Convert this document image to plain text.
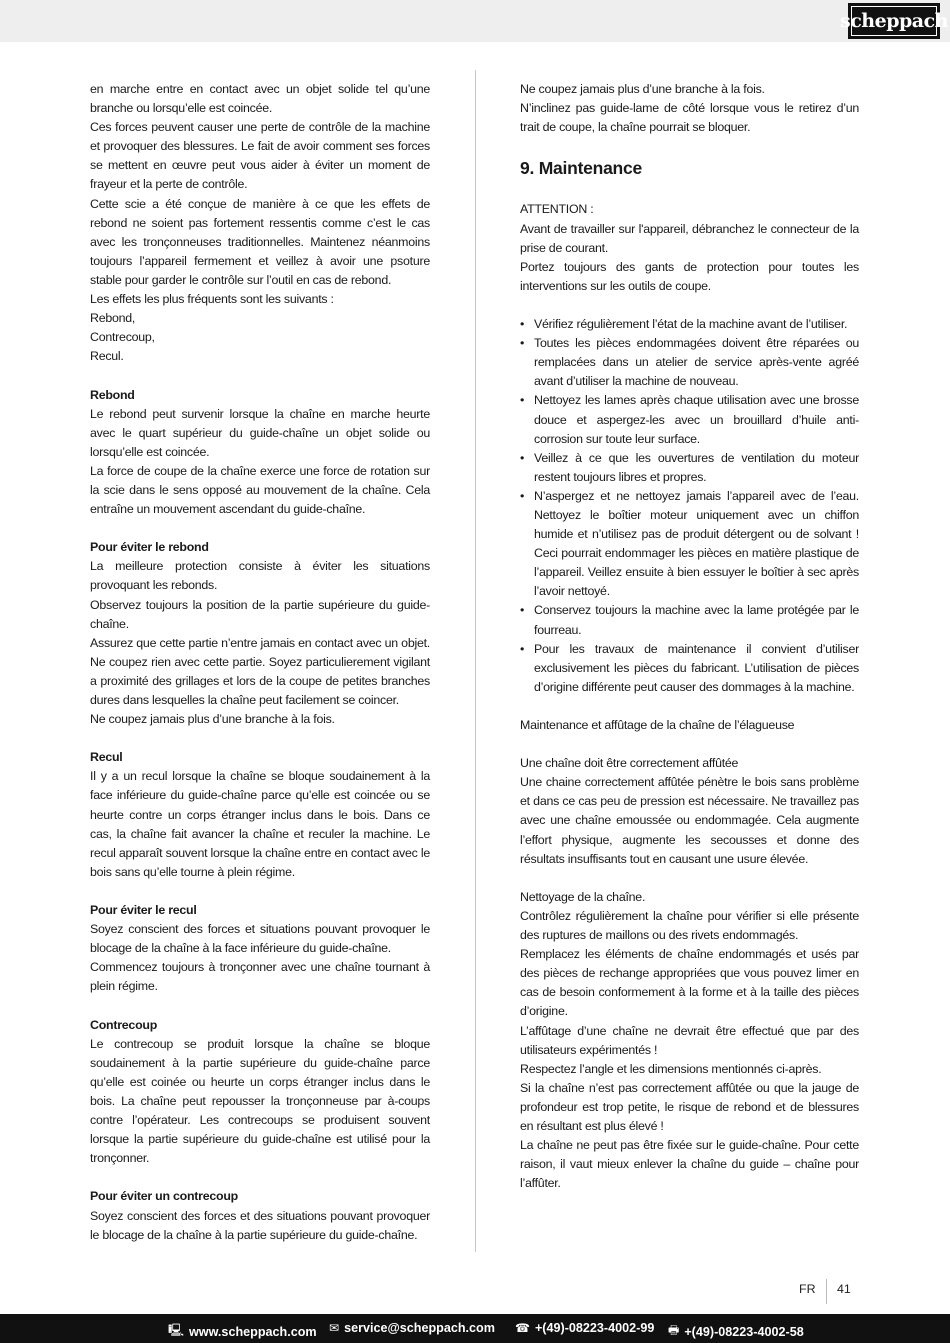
scheppach

en marche entre en contact avec un objet solide tel qu’une branche ou lorsqu’elle est coincée.

Ces forces peuvent causer une perte de contrôle de la machine et provoquer des blessures. Le fait de avoir comment ses forces se mettent en œuvre peut vous aider à éviter un moment de frayeur et la perte de contrôle.

Cette scie a été conçue de manière à ce que les effets de rebond ne soient pas fortement ressentis comme c’est le cas avec les tronçonneuses traditionnelles. Maintenez néanmoins toujours l’appareil fermement et veillez à avoir une psoture stable pour garder le contrôle sur l’outil en cas de rebond.

Les effets les plus fréquents sont les suivants :

Rebond,

Contrecoup,

Recul.

Rebond

Le rebond peut survenir lorsque la chaîne en marche heurte avec le quart supérieur du guide-chaîne un objet solide ou lorsqu’elle est coincée.

La force de coupe de la chaîne exerce une force de rotation sur la scie dans le sens opposé au mouvement de la chaîne. Cela entraîne un mouvement ascendant du guide-chaîne.

Pour éviter le rebond

La meilleure protection consiste à éviter les situations provoquant les rebonds.

Observez toujours la position de la partie supérieure du guide-chaîne.

Assurez que cette partie n’entre jamais en contact avec un objet. Ne coupez rien avec cette partie. Soyez particulierement vigilant a proximité des grillages et lors de la coupe de petites branches dures dans lesquelles la chaîne peut facilement se coincer.

Ne coupez jamais plus d’une branche à la fois.

Recul

Il y a un recul lorsque la chaîne se bloque soudainement à la face inférieure du guide-chaîne parce qu’elle est coincée ou se heurte contre un corps étranger inclus dans le bois. Dans ce cas, la chaîne fait avancer la chaîne et reculer la machine. Le recul apparaît souvent lorsque la chaîne entre en contact avec le bois sans qu’elle tourne à plein régime.

Pour éviter le recul

Soyez conscient des forces et situations pouvant provoquer le blocage de la chaîne à la face inférieure du guide-chaîne.

Commencez toujours à tronçonner avec une chaîne tournant à plein régime.

Contrecoup

Le contrecoup se produit lorsque la chaîne se bloque soudainement à la partie supérieure du guide-chaîne parce qu’elle est coinée ou heurte un corps étranger inclus dans le bois. La chaîne peut repousser la tronçonneuse par à-coups contre l’opérateur. Les contrecoups se produisent souvent lorsque la partie supérieure du guide-chaîne est utilisé pour la tronçonner.

Pour éviter un contrecoup

Soyez conscient des forces et des situations pouvant provoquer le blocage de la chaîne à la partie supérieure du guide-chaîne.

Ne coupez jamais plus d’une branche à la fois.

N’inclinez pas guide-lame de côté lorsque vous le retirez d’un trait de coupe, la chaîne pourrait se bloquer.

9. Maintenance

ATTENTION :

Avant de travailler sur l'appareil, débranchez le connecteur de la prise de courant.

Portez toujours des gants de protection pour toutes les interventions sur les outils de coupe.

• Vérifiez régulièrement l’état de la machine avant de l’utiliser.
• Toutes les pièces endommagées doivent être réparées ou remplacées dans un atelier de service après-vente agréé avant d’utiliser la machine de nouveau.
• Nettoyez les lames après chaque utilisation avec une brosse douce et aspergez-les avec un brouillard d’huile anti-corrosion sur toute leur surface.
• Veillez à ce que les ouvertures de ventilation du moteur restent toujours libres et propres.
• N’aspergez et ne nettoyez jamais l’appareil avec de l’eau. Nettoyez le boîtier moteur uniquement avec un chiffon humide et n’utilisez pas de produit détergent ou de solvant ! Ceci pourrait endommager les pièces en matière plastique de l’appareil. Veillez ensuite à bien essuyer le boîtier à sec après l’avoir nettoyé.
• Conservez toujours la machine avec la lame protégée par le fourreau.
• Pour les travaux de maintenance il convient d’utiliser exclusivement les pièces du fabricant. L’utilisation de pièces d’origine différente peut causer des dommages à la machine.

Maintenance et affûtage de la chaîne de l’élagueuse

Une chaîne doit être correctement affûtée

Une chaine correctement affûtée pénètre le bois sans problème et dans ce cas peu de pression est nécessaire. Ne travaillez pas avec une chaîne emoussée ou endommagée. Cela augmente l’effort physique, augmente les secousses et donne des résultats insuffisants tout en causant une usure élevée.

Nettoyage de la chaîne.

Contrôlez régulièrement la chaîne pour vérifier si elle présente des ruptures de maillons ou des rivets endommagés.

Remplacez les éléments de chaîne endommagés et usés par des pièces de rechange appropriées que vous pouvez limer en cas de besoin conformement à la forme et à la taille des pièces d’origine.

L’affûtage d’une chaîne ne devrait être effectué que par des utilisateurs expérimentés !

Respectez l’angle et les dimensions mentionnés ci-après.

Si la chaîne n’est pas correctement affûtée ou que la jauge de profondeur est trop petite, le risque de rebond et de blessures en résultant est plus élevé !

La chaîne ne peut pas être fixée sur le guide-chaîne. Pour cette raison, il vaut mieux enlever la chaîne du guide – chaîne pour l’affûter.

FR 41
🖳 www.scheppach.com ✉ service@scheppach.com ☎ +(49)-08223-4002-99 🖶 +(49)-08223-4002-58
